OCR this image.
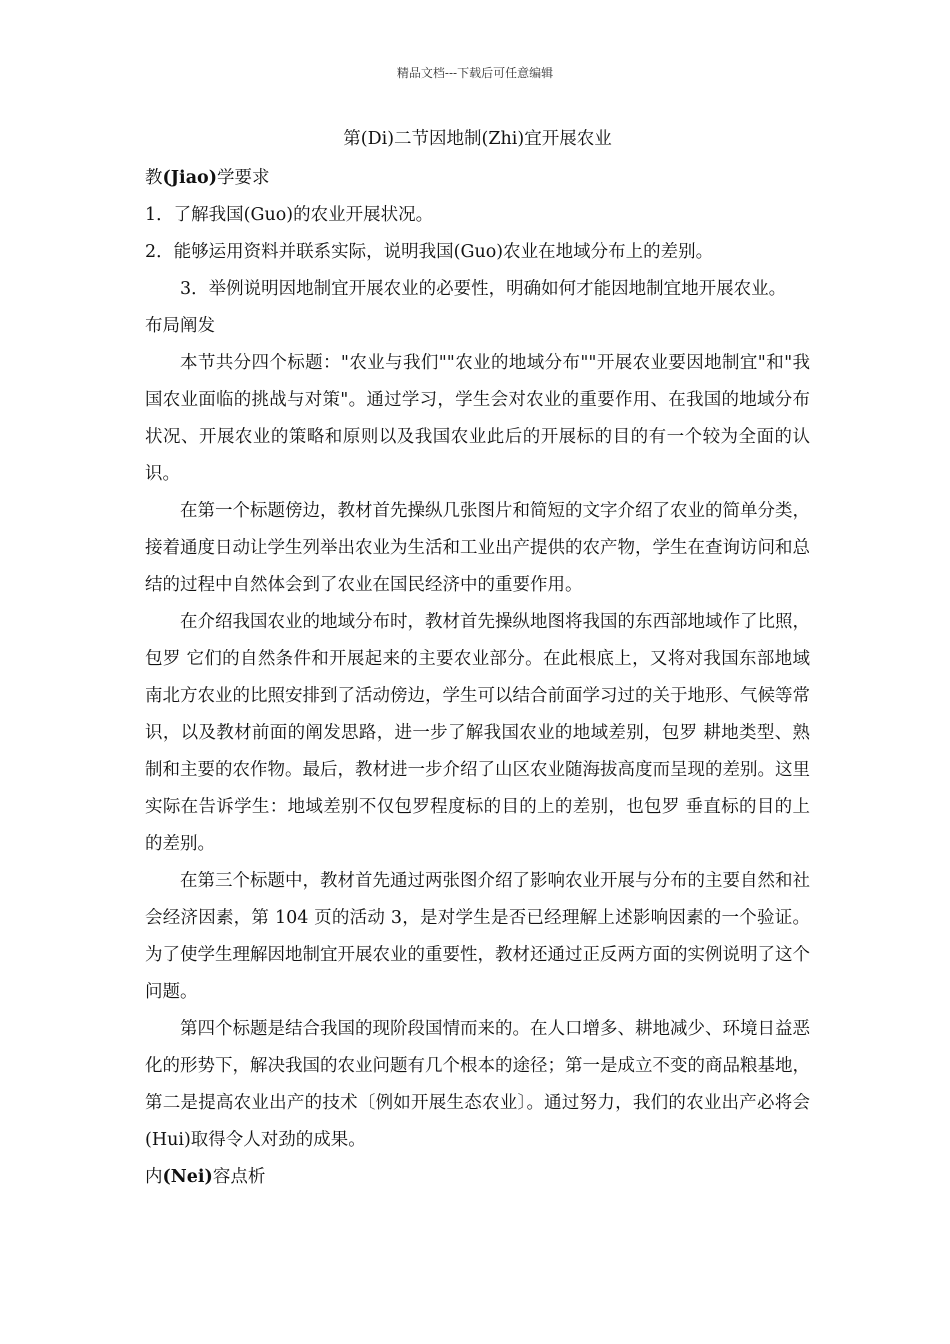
精品文档---下载后可任意编辑
第(Di)二节因地制(Zhi)宜开展农业

教(Jiao)学要求

1．了解我国(Guo)的农业开展状况。

2．能够运用资料并联系实际，说明我国(Guo)农业在地域分布上的差别。

3．举例说明因地制宜开展农业的必要性，明确如何才能因地制宜地开展农业。

布局阐发

本节共分四个标题："农业与我们""农业的地域分布""开展农业要因地制宜"和"我国农业面临的挑战与对策"。通过学习，学生会对农业的重要作用、在我国的地域分布状况、开展农业的策略和原则以及我国农业此后的开展标的目的有一个较为全面的认识。

在第一个标题傍边，教材首先操纵几张图片和简短的文字介绍了农业的简单分类，接着通度日动让学生列举出农业为生活和工业出产提供的农产物，学生在查询访问和总结的过程中自然体会到了农业在国民经济中的重要作用。

在介绍我国农业的地域分布时，教材首先操纵地图将我国的东西部地域作了比照，包罗 它们的自然条件和开展起来的主要农业部分。在此根底上，又将对我国东部地域南北方农业的比照安排到了活动傍边，学生可以结合前面学习过的关于地形、气候等常识，以及教材前面的阐发思路，进一步了解我国农业的地域差别，包罗 耕地类型、熟制和主要的农作物。最后，教材进一步介绍了山区农业随海拔高度而呈现的差别。这里实际在告诉学生：地域差别不仅包罗程度标的目的上的差别，也包罗 垂直标的目的上的差别。

在第三个标题中，教材首先通过两张图介绍了影响农业开展与分布的主要自然和社会经济因素，第 104 页的活动 3，是对学生是否已经理解上述影响因素的一个验证。为了使学生理解因地制宜开展农业的重要性，教材还通过正反两方面的实例说明了这个问题。

第四个标题是结合我国的现阶段国情而来的。在人口增多、耕地减少、环境日益恶化的形势下，解决我国的农业问题有几个根本的途径；第一是成立不变的商品粮基地，第二是提高农业出产的技术〔例如开展生态农业〕。通过努力，我们的农业出产必将会(Hui)取得令人对劲的成果。

内(Nei)容点析
